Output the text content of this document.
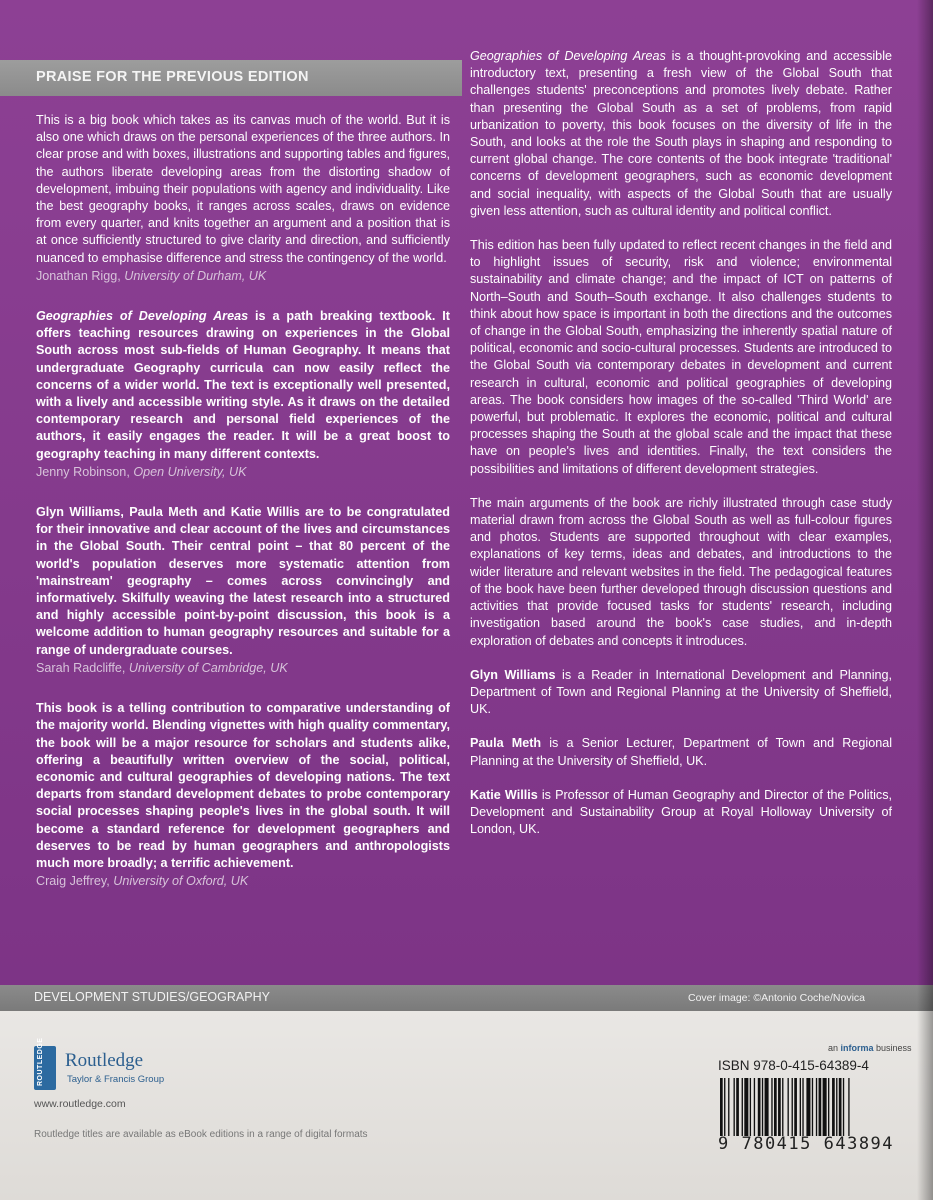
PRAISE FOR THE PREVIOUS EDITION
This is a big book which takes as its canvas much of the world. But it is also one which draws on the personal experiences of the three authors. In clear prose and with boxes, illustrations and supporting tables and figures, the authors liberate developing areas from the distorting shadow of development, imbuing their populations with agency and individuality. Like the best geography books, it ranges across scales, draws on evidence from every quarter, and knits together an argument and a position that is at once sufficiently structured to give clarity and direction, and sufficiently nuanced to emphasise difference and stress the contingency of the world.
Jonathan Rigg, University of Durham, UK
Geographies of Developing Areas is a path breaking textbook. It offers teaching resources drawing on experiences in the Global South across most sub-fields of Human Geography. It means that undergraduate Geography curricula can now easily reflect the concerns of a wider world. The text is exceptionally well presented, with a lively and accessible writing style. As it draws on the detailed contemporary research and personal field experiences of the authors, it easily engages the reader. It will be a great boost to geography teaching in many different contexts.
Jenny Robinson, Open University, UK
Glyn Williams, Paula Meth and Katie Willis are to be congratulated for their innovative and clear account of the lives and circumstances in the Global South. Their central point – that 80 percent of the world's population deserves more systematic attention from 'mainstream' geography – comes across convincingly and informatively. Skilfully weaving the latest research into a structured and highly accessible point-by-point discussion, this book is a welcome addition to human geography resources and suitable for a range of undergraduate courses.
Sarah Radcliffe, University of Cambridge, UK
This book is a telling contribution to comparative understanding of the majority world. Blending vignettes with high quality commentary, the book will be a major resource for scholars and students alike, offering a beautifully written overview of the social, political, economic and cultural geographies of developing nations. The text departs from standard development debates to probe contemporary social processes shaping people's lives in the global south. It will become a standard reference for development geographers and deserves to be read by human geographers and anthropologists much more broadly; a terrific achievement.
Craig Jeffrey, University of Oxford, UK

Geographies of Developing Areas is a thought-provoking and accessible introductory text, presenting a fresh view of the Global South that challenges students' preconceptions and promotes lively debate. Rather than presenting the Global South as a set of problems, from rapid urbanization to poverty, this book focuses on the diversity of life in the South, and looks at the role the South plays in shaping and responding to current global change. The core contents of the book integrate 'traditional' concerns of development geographers, such as economic development and social inequality, with aspects of the Global South that are usually given less attention, such as cultural identity and political conflict.

This edition has been fully updated to reflect recent changes in the field and to highlight issues of security, risk and violence; environmental sustainability and climate change; and the impact of ICT on patterns of North–South and South–South exchange. It also challenges students to think about how space is important in both the directions and the outcomes of change in the Global South, emphasizing the inherently spatial nature of political, economic and socio-cultural processes. Students are introduced to the Global South via contemporary debates in development and current research in cultural, economic and political geographies of developing areas. The book considers how images of the so-called 'Third World' are powerful, but problematic. It explores the economic, political and cultural processes shaping the South at the global scale and the impact that these have on people's lives and identities. Finally, the text considers the possibilities and limitations of different development strategies.

The main arguments of the book are richly illustrated through case study material drawn from across the Global South as well as full-colour figures and photos. Students are supported throughout with clear examples, explanations of key terms, ideas and debates, and introductions to the wider literature and relevant websites in the field. The pedagogical features of the book have been further developed through discussion questions and activities that provide focused tasks for students' research, including investigation based around the book's case studies, and in-depth exploration of debates and concepts it introduces.

Glyn Williams is a Reader in International Development and Planning, Department of Town and Regional Planning at the University of Sheffield, UK.

Paula Meth is a Senior Lecturer, Department of Town and Regional Planning at the University of Sheffield, UK.

Katie Willis is Professor of Human Geography and Director of the Politics, Development and Sustainability Group at Royal Holloway University of London, UK.

DEVELOPMENT STUDIES/GEOGRAPHY	Cover image: ©Antonio Coche/Novica
ROUTLEDGE Routledge
Taylor & Francis Group
www.routledge.com
Routledge titles are available as eBook editions in a range of digital formats
an informa business
ISBN 978-0-415-64389-4
9 780415 643894
